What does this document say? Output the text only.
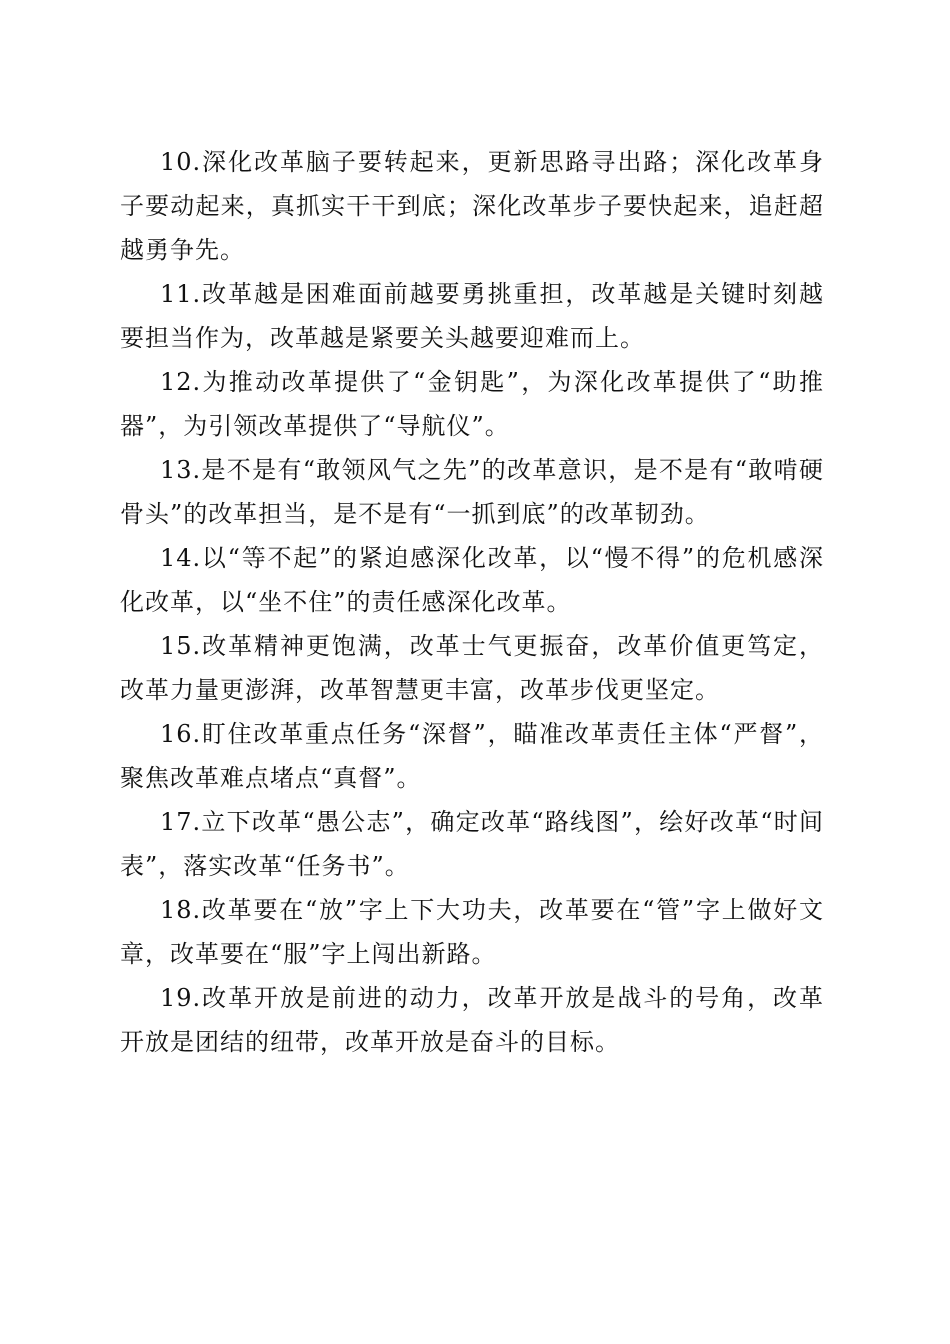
10.深化改革脑子要转起来，更新思路寻出路；深化改革身子要动起来，真抓实干干到底；深化改革步子要快起来，追赶超越勇争先。

11.改革越是困难面前越要勇挑重担，改革越是关键时刻越要担当作为，改革越是紧要关头越要迎难而上。

12.为推动改革提供了“金钥匙”，为深化改革提供了“助推器”，为引领改革提供了“导航仪”。

13.是不是有“敢领风气之先”的改革意识，是不是有“敢啃硬骨头”的改革担当，是不是有“一抓到底”的改革韧劲。

14.以“等不起”的紧迫感深化改革，以“慢不得”的危机感深化改革，以“坐不住”的责任感深化改革。

15.改革精神更饱满，改革士气更振奋，改革价值更笃定，改革力量更澎湃，改革智慧更丰富，改革步伐更坚定。

16.盯住改革重点任务“深督”，瞄准改革责任主体“严督”，聚焦改革难点堵点“真督”。

17.立下改革“愚公志”，确定改革“路线图”，绘好改革“时间表”，落实改革“任务书”。

18.改革要在“放”字上下大功夫，改革要在“管”字上做好文章，改革要在“服”字上闯出新路。

19.改革开放是前进的动力，改革开放是战斗的号角，改革开放是团结的纽带，改革开放是奋斗的目标。
